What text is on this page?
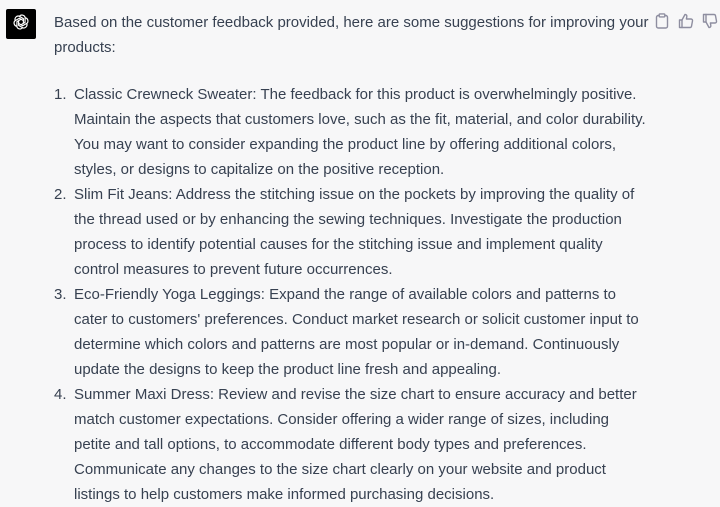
Based on the customer feedback provided, here are some suggestions for improving your products:

1. Classic Crewneck Sweater: The feedback for this product is overwhelmingly positive. Maintain the aspects that customers love, such as the fit, material, and color durability. You may want to consider expanding the product line by offering additional colors, styles, or designs to capitalize on the positive reception.
2. Slim Fit Jeans: Address the stitching issue on the pockets by improving the quality of the thread used or by enhancing the sewing techniques. Investigate the production process to identify potential causes for the stitching issue and implement quality control measures to prevent future occurrences.
3. Eco-Friendly Yoga Leggings: Expand the range of available colors and patterns to cater to customers' preferences. Conduct market research or solicit customer input to determine which colors and patterns are most popular or in-demand. Continuously update the designs to keep the product line fresh and appealing.
4. Summer Maxi Dress: Review and revise the size chart to ensure accuracy and better match customer expectations. Consider offering a wider range of sizes, including petite and tall options, to accommodate different body types and preferences. Communicate any changes to the size chart clearly on your website and product listings to help customers make informed purchasing decisions.
